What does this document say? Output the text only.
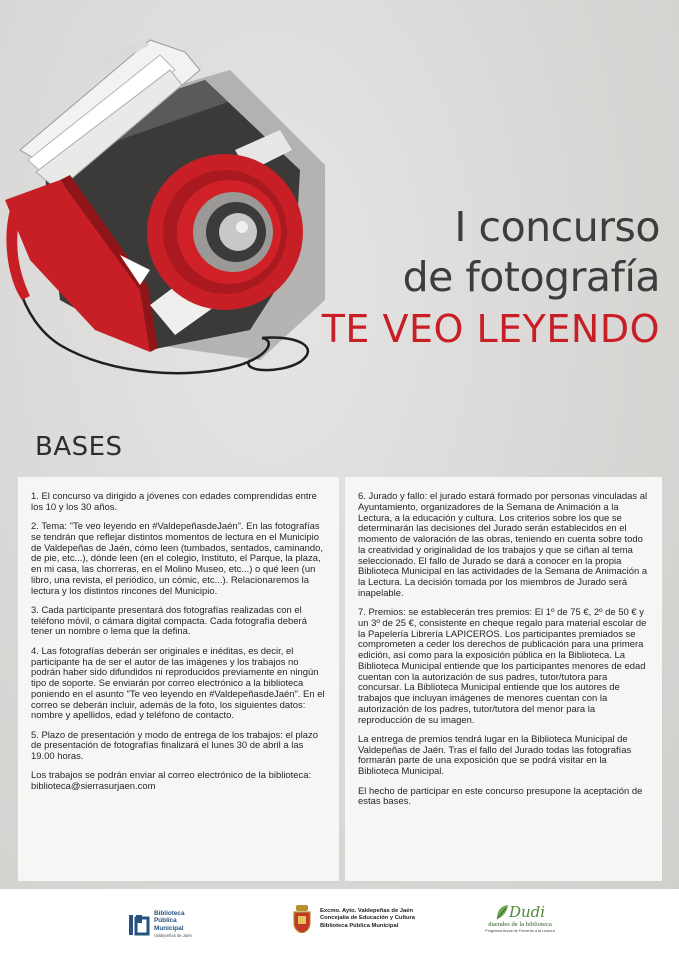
I concurso
de fotografía
TE VEO LEYENDO
BASES

1. El concurso va dirigido a jóvenes con edades comprendidas entre los 10 y los 30 años.

2. Tema: "Te veo leyendo en #ValdepeñasdeJaén". En las fotografías se tendrán que reflejar distintos momentos de lectura en el Municipio de Valdepeñas de Jaén, cómo leen (tumbados, sentados, caminando, de pie, etc...), dónde leen (en el colegio, Instituto, el Parque, la plaza, en mi casa, las chorreras, en el Molino Museo, etc...) o qué leen (un libro, una revista, el periódico, un cómic, etc...). Relacionaremos la lectura y los distintos rincones del Municipio.

3. Cada participante presentará dos fotografías realizadas con el teléfono móvil, o cámara digital compacta. Cada fotografía deberá tener un nombre o lema que la defina.

4. Las fotografías deberán ser originales e inéditas, es decir, el participante ha de ser el autor de las imágenes y los trabajos no podrán haber sido difundidos ni reproducidos previamente en ningún tipo de soporte. Se enviarán por correo electrónico a la biblioteca poniendo en el asunto "Te veo leyendo en #ValdepeñasdeJaén". En el correo se deberán incluir, además de la foto, los siguientes datos: nombre y apellidos, edad y teléfono de contacto.

5. Plazo de presentación y modo de entrega de los trabajos: el plazo de presentación de fotografías finalizará el lunes 30 de abril a las 19.00 horas.

Los trabajos se podrán enviar al correo electrónico de la biblioteca:
biblioteca@sierrasurjaen.com

6. Jurado y fallo: el jurado estará formado por personas vinculadas al Ayuntamiento, organizadores de la Semana de Animación a la Lectura, a la educación y cultura. Los criterios sobre los que se determinarán las decisiones del Jurado serán establecidos en el momento de valoración de las obras, teniendo en cuenta sobre todo la creatividad y originalidad de los trabajos y que se ciñan al tema seleccionado. El fallo de Jurado se dará a conocer en la propia Biblioteca Municipal en las actividades de la Semana de Animación a la Lectura. La decisión tomada por los miembros de Jurado será inapelable.

7. Premios: se establecerán tres premios: El 1º de 75 €, 2º de 50 € y un 3º de 25 €, consistente en cheque regalo para material escolar de la Papelería Librería LAPICEROS. Los participantes premiados se comprometen a ceder los derechos de publicación para una primera edición, así como para la exposición pública en la Biblioteca. La Biblioteca Municipal entiende que los participantes menores de edad cuentan con la autorización de sus padres, tutor/tutora para concursar. La Biblioteca Municipal entiende que los autores de trabajos que incluyan imágenes de menores cuentan con la autorización de los padres, tutor/tutora del menor para la reproducción de su imagen.

La entrega de premios tendrá lugar en la Biblioteca Municipal de Valdepeñas de Jaén. Tras el fallo del Jurado todas las fotografías formarán parte de una exposición que se podrá visitar en la Biblioteca Municipal.

El hecho de participar en este concurso presupone la aceptación de estas bases.

Biblioteca
Pública
Municipal
Valdepeñas de Jaén
Excmo. Ayto. Valdepeñas de Jaén
Concejalía de Educación y Cultura
Biblioteca Pública Municipal
Dudi
duendes de la biblioteca
Programa Anual de Fomento a la Lectura
